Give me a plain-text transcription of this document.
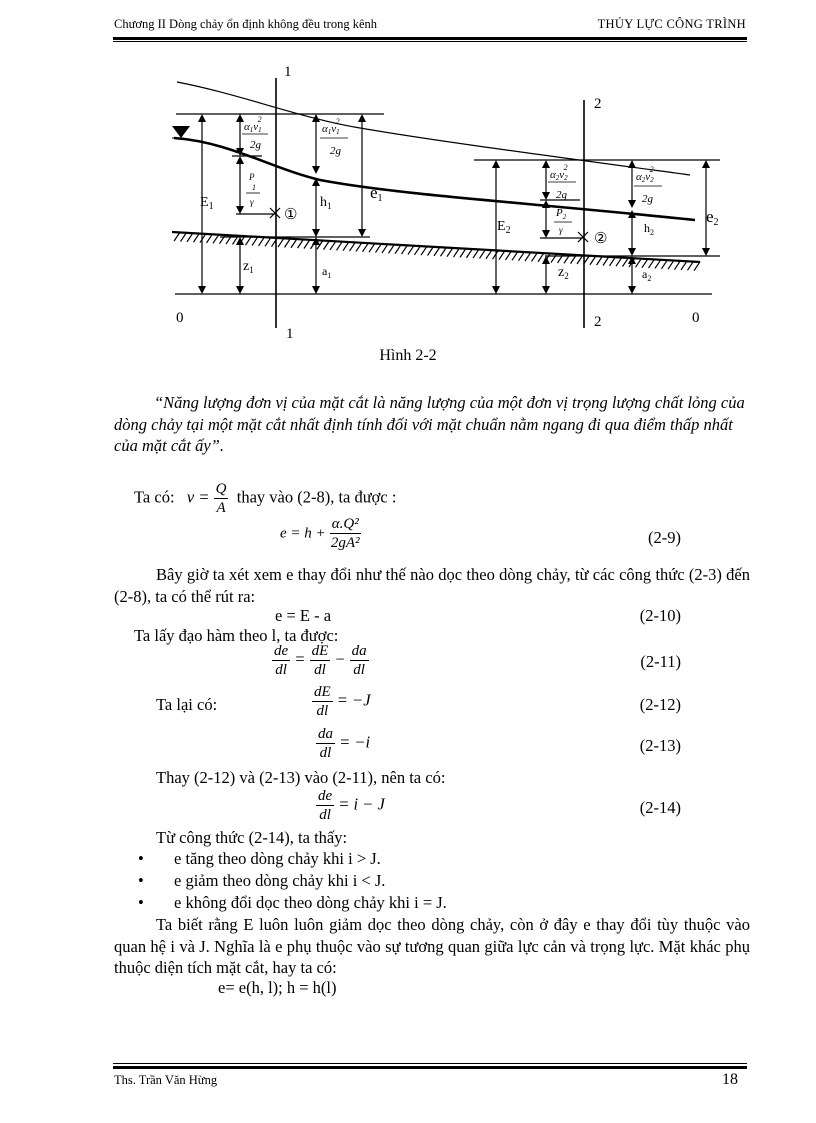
Chương II Dòng chảy ổn định không đều trong kênh	THỦY LỰC CÔNG TRÌNH
1
1
2
2
0	0
$E_1$
$E_2$
e1
e2
$h_1$
$h_2$
$z_1$	$z_2$
$a_1$	$a_2$
①
②
α1v12
2g
α1v12
2g
P
1
γ
α2v22
2g
α2v22
2g
$P_2$
γ
Hình 2-2
“Năng lượng đơn vị của mặt cắt là năng lượng của một đơn vị trọng lượng chất lỏng của dòng chảy tại một mặt cắt nhất định tính đối với mặt chuẩn nằm ngang đi qua điểm thấp nhất của mặt cắt ấy”.
Ta có: $v = \frac{Q}{A}$ thay vào (2-8), ta được :
$e = h + \frac{\text{α.Q²}}{\text{2gA²}}$	(2-9)
Bây giờ ta xét xem e thay đổi như thế nào dọc theo dòng chảy, từ các công thức (2-3) đến (2-8), ta có thể rút ra:
e = E - a	(2-10)
Ta lấy đạo hàm theo l, ta được:
$\frac{de}{dl} = \frac{dE}{dl} - \frac{da}{dl}$	(2-11)
Ta lại có:	$\frac{dE}{dl} = -J$	(2-12)
$\frac{da}{dl} = -i$	(2-13)
Thay (2-12) và (2-13) vào (2-11), nên ta có:
$\frac{de}{dl} = i - J$	(2-14)
Từ công thức (2-14), ta thấy:
• e tăng theo dòng chảy khi i > J.
• e giảm theo dòng chảy khi i < J.
• e không đổi dọc theo dòng chảy khi i = J.
Ta biết rằng E luôn luôn giảm dọc theo dòng chảy, còn ở đây e thay đổi tùy thuộc vào quan hệ i và J. Nghĩa là e phụ thuộc vào sự tương quan giữa lực cản và trọng lực. Mặt khác phụ thuộc diện tích mặt cắt, hay ta có:
e= e(h, l); h = h(l)
Ths. Trần Văn Hừng	18
